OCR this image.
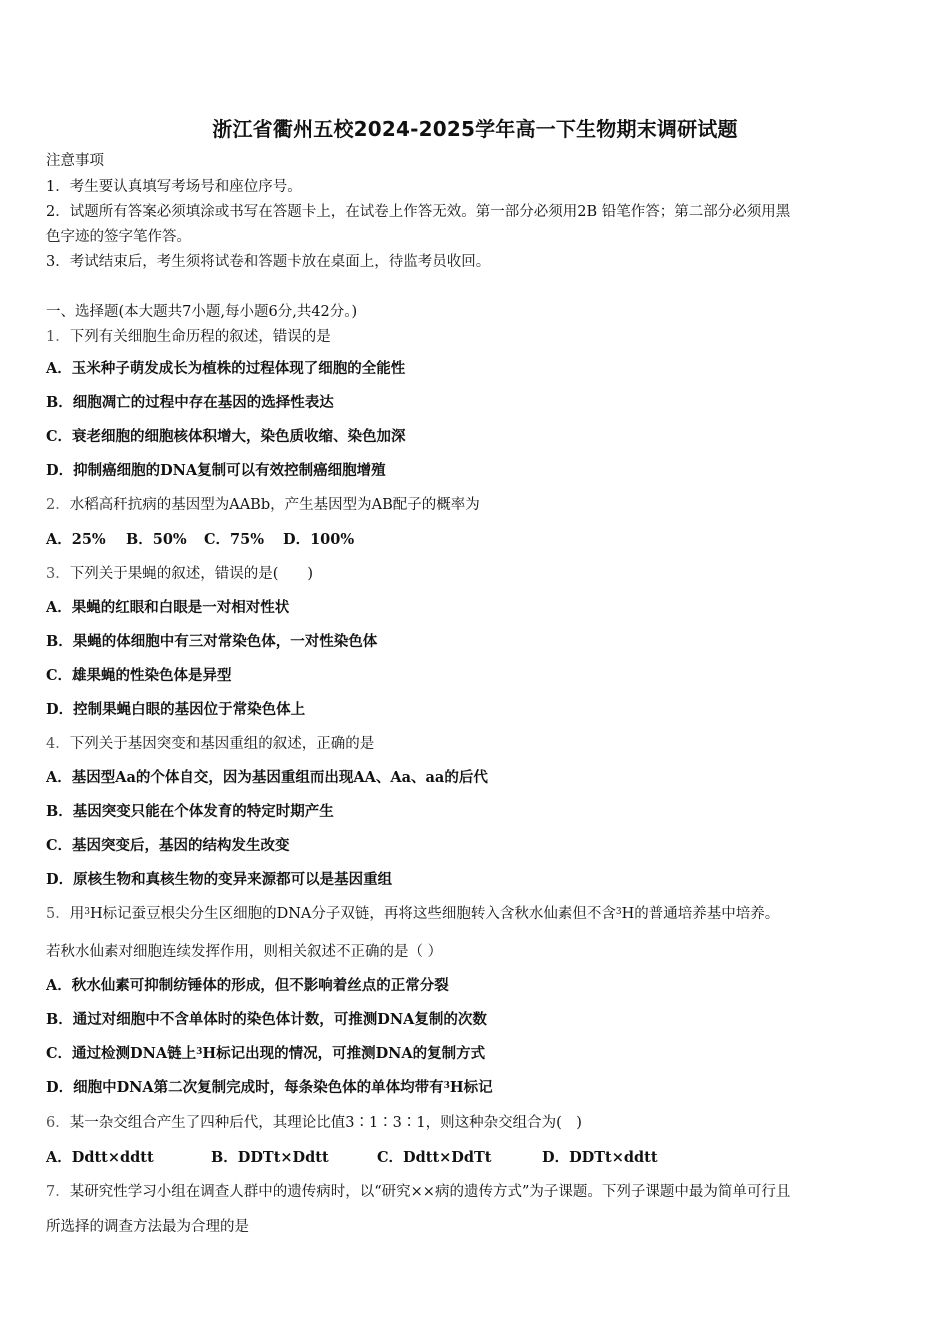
浙江省衢州五校2024-2025学年高一下生物期末调研试题
注意事项
1．考生要认真填写考场号和座位序号。
2．试题所有答案必须填涂或书写在答题卡上，在试卷上作答无效。第一部分必须用2B 铅笔作答；第二部分必须用黑
色字迹的签字笔作答。
3．考试结束后，考生须将试卷和答题卡放在桌面上，待监考员收回。
一、选择题(本大题共7小题,每小题6分,共42分。)
1．下列有关细胞生命历程的叙述，错误的是
A．玉米种子萌发成长为植株的过程体现了细胞的全能性
B．细胞凋亡的过程中存在基因的选择性表达
C．衰老细胞的细胞核体积增大，染色质收缩、染色加深
D．抑制癌细胞的DNA复制可以有效控制癌细胞增殖
2．水稻高秆抗病的基因型为AABb，产生基因型为AB配子的概率为
A．25% B．50% C．75% D．100%
3．下列关于果蝇的叙述，错误的是(　　)
A．果蝇的红眼和白眼是一对相对性状
B．果蝇的体细胞中有三对常染色体，一对性染色体
C．雄果蝇的性染色体是异型
D．控制果蝇白眼的基因位于常染色体上
4．下列关于基因突变和基因重组的叙述，正确的是
A．基因型Aa的个体自交，因为基因重组而出现AA、Aa、aa的后代
B．基因突变只能在个体发育的特定时期产生
C．基因突变后，基因的结构发生改变
D．原核生物和真核生物的变异来源都可以是基因重组
5．用$^3$H标记蚕豆根尖分生区细胞的DNA分子双链，再将这些细胞转入含秋水仙素但不含$^3$H的普通培养基中培养。
若秋水仙素对细胞连续发挥作用，则相关叙述不正确的是（ ）
A．秋水仙素可抑制纺锤体的形成，但不影响着丝点的正常分裂
B．通过对细胞中不含单体时的染色体计数，可推测DNA复制的次数
C．通过检测DNA链上$^3$H标记出现的情况，可推测DNA的复制方式
D．细胞中DNA第二次复制完成时，每条染色体的单体均带有$^3$H标记
6．某一杂交组合产生了四种后代，其理论比值3∶1∶3∶1，则这种杂交组合为(　)
A．Ddtt×ddtt	B．DDTt×Ddtt	C．Ddtt×DdTt	D．DDTt×ddtt
7．某研究性学习小组在调查人群中的遗传病时，以“研究××病的遗传方式”为子课题。下列子课题中最为简单可行且
所选择的调查方法最为合理的是
